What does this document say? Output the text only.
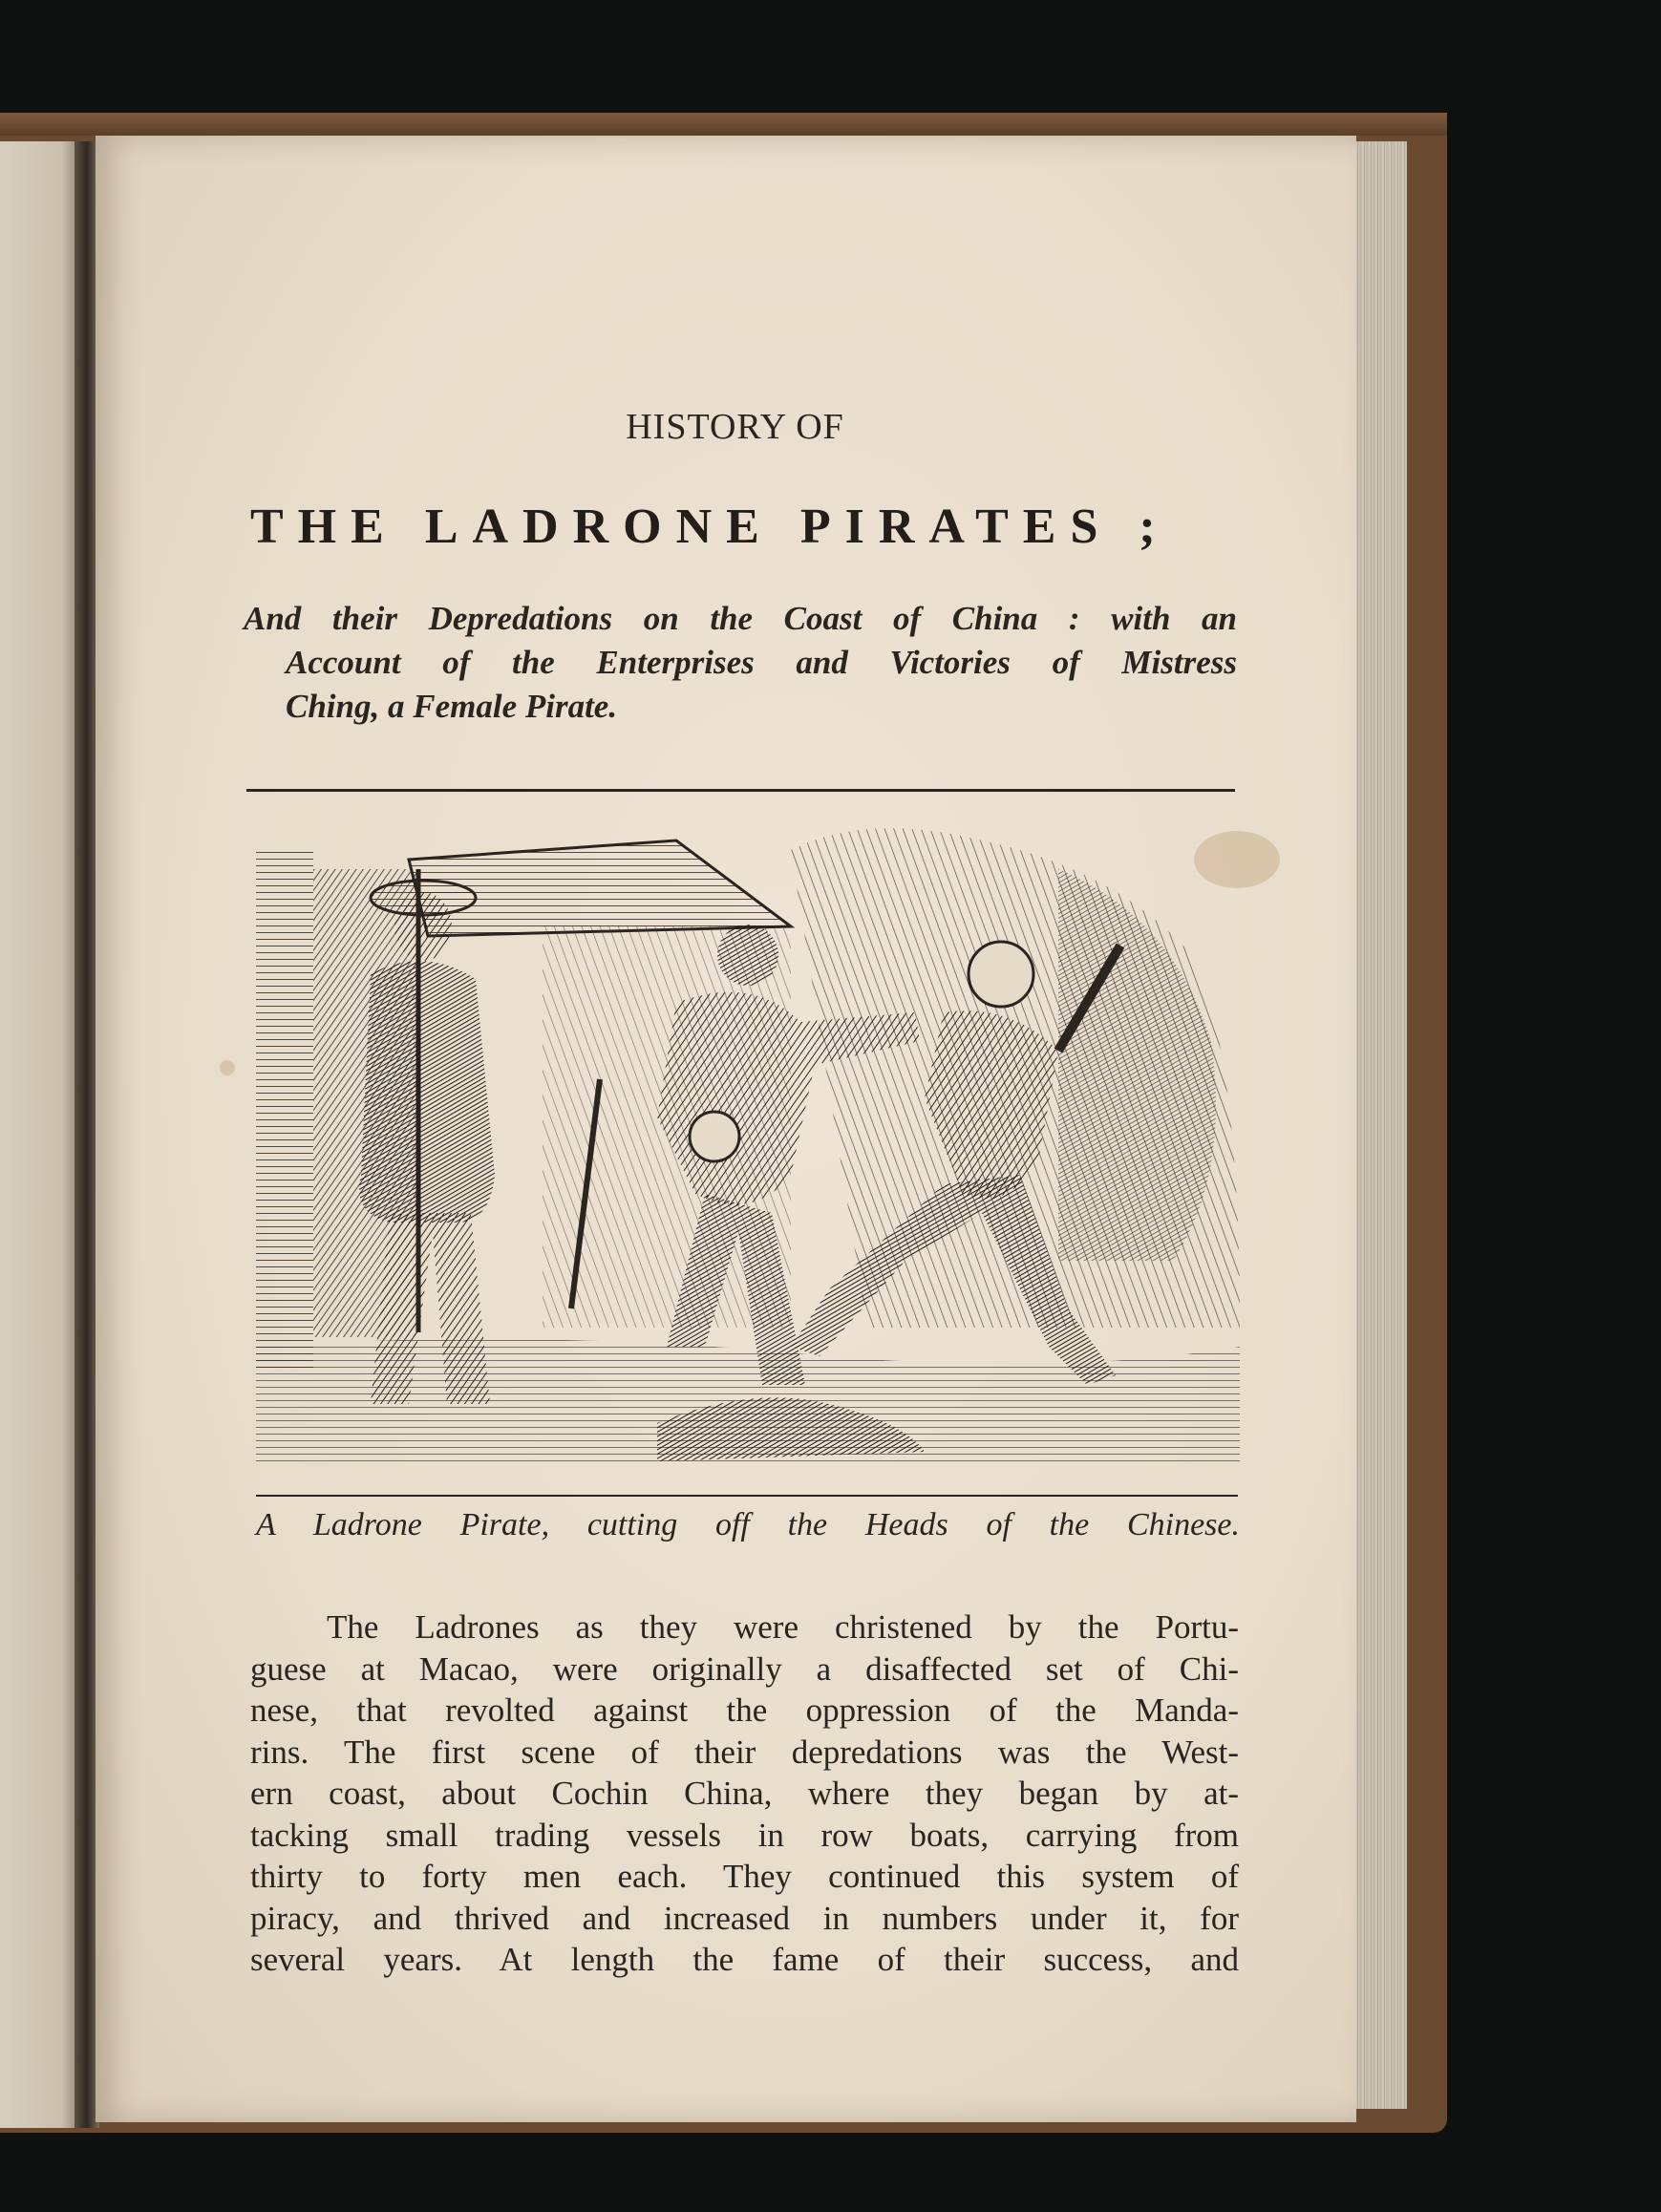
HISTORY OF
THE LADRONE PIRATES ;
And their Depredations on the Coast of China : with an
Account of the Enterprises and Victories of Mistress
Ching, a Female Pirate.
A Ladrone Pirate, cutting off the Heads of the Chinese.
The Ladrones as they were christened by the Portu-
guese at Macao, were originally a disaffected set of Chi-
nese, that revolted against the oppression of the Manda-
rins. The first scene of their depredations was the West-
ern coast, about Cochin China, where they began by at-
tacking small trading vessels in row boats, carrying from
thirty to forty men each. They continued this system of
piracy, and thrived and increased in numbers under it, for
several years. At length the fame of their success, and
